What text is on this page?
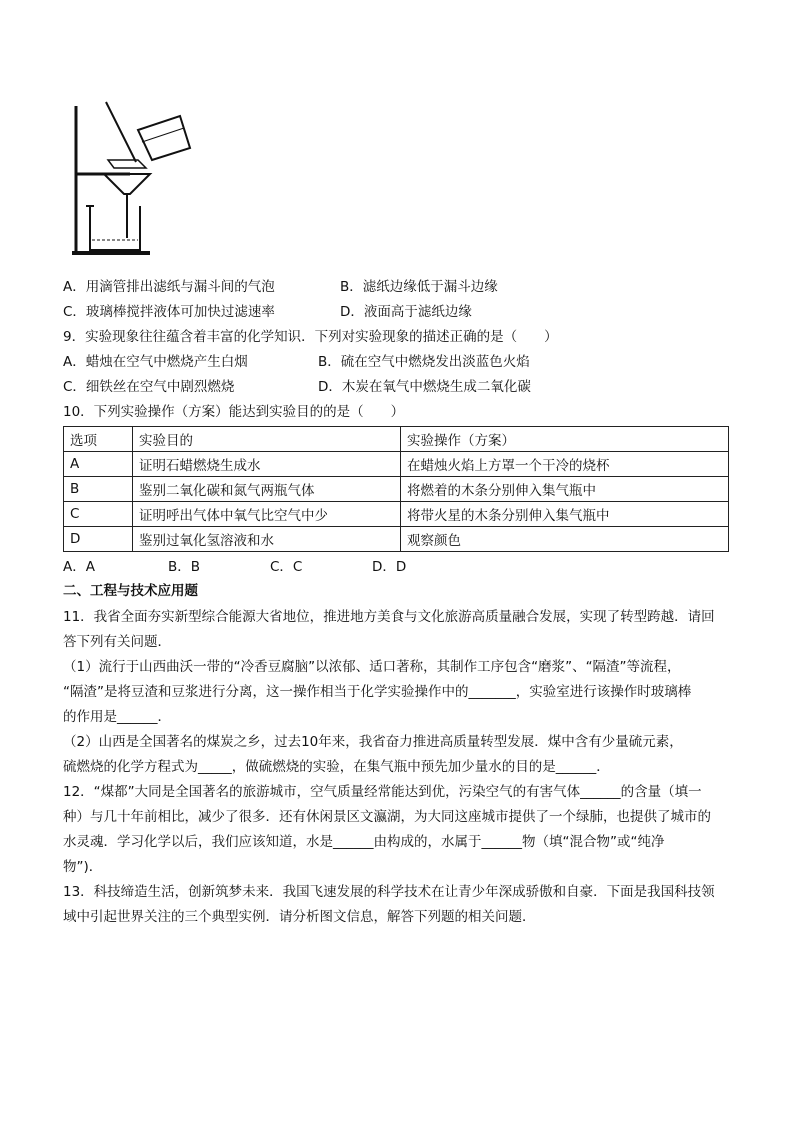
A．用滴管排出滤纸与漏斗间的气泡	B．滤纸边缘低于漏斗边缘
C．玻璃棒搅拌液体可加快过滤速率	D．液面高于滤纸边缘
9．实验现象往往蕴含着丰富的化学知识．下列对实验现象的描述正确的是（　　）
A．蜡烛在空气中燃烧产生白烟	B．硫在空气中燃烧发出淡蓝色火焰
C．细铁丝在空气中剧烈燃烧	D．木炭在氧气中燃烧生成二氧化碳
10．下列实验操作（方案）能达到实验目的的是（　　）
选项	实验目的	实验操作（方案）
A	证明石蜡燃烧生成水	在蜡烛火焰上方罩一个干冷的烧杯
B	鉴别二氧化碳和氮气两瓶气体	将燃着的木条分别伸入集气瓶中
C	证明呼出气体中氧气比空气中少	将带火星的木条分别伸入集气瓶中
D	鉴别过氧化氢溶液和水	观察颜色
A．A	B．B	C．C	D．D
二、工程与技术应用题
11．我省全面夯实新型综合能源大省地位，推进地方美食与文化旅游高质量融合发展，实现了转型跨越．请回
答下列有关问题．
（1）流行于山西曲沃一带的“冷香豆腐脑”以浓郁、适口著称，其制作工序包含“磨浆”、“隔渣”等流程，
“隔渣”是将豆渣和豆浆进行分离，这一操作相当于化学实验操作中的_______，实验室进行该操作时玻璃棒
的作用是______．
（2）山西是全国著名的煤炭之乡，过去10年来，我省奋力推进高质量转型发展．煤中含有少量硫元素，
硫燃烧的化学方程式为_____，做硫燃烧的实验，在集气瓶中预先加少量水的目的是______．
12．“煤都”大同是全国著名的旅游城市，空气质量经常能达到优，污染空气的有害气体______的含量（填一
种）与几十年前相比，减少了很多．还有休闲景区文瀛湖，为大同这座城市提供了一个绿肺，也提供了城市的
水灵魂．学习化学以后，我们应该知道，水是______由构成的，水属于______物（填“混合物”或“纯净
物”)．
13．科技缔造生活，创新筑梦未来．我国飞速发展的科学技术在让青少年深成骄傲和自豪．下面是我国科技领
域中引起世界关注的三个典型实例．请分析图文信息，解答下列题的相关问题．
